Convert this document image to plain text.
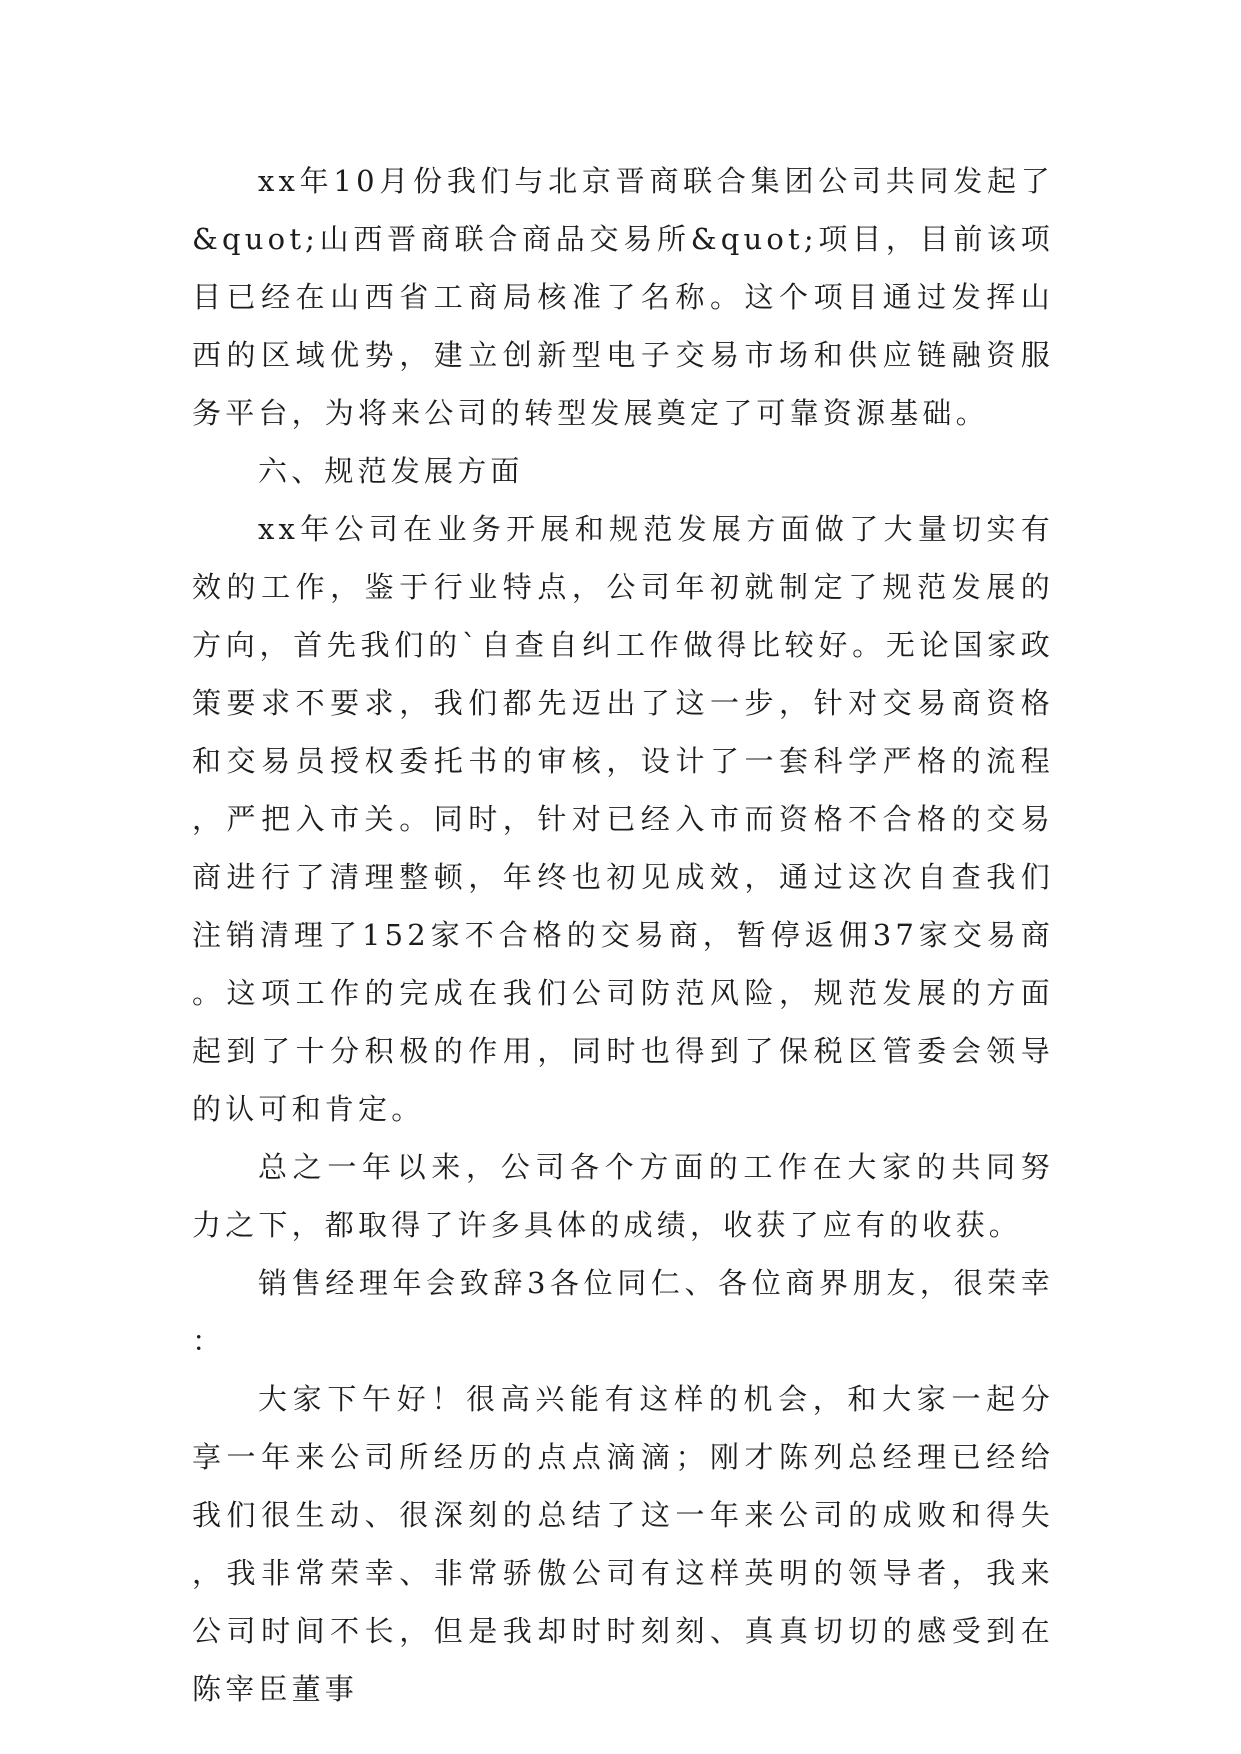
xx年10月份我们与北京晋商联合集团公司共同发起了&quot;山西晋商联合商品交易所&quot;项目，目前该项目已经在山西省工商局核准了名称。这个项目通过发挥山西的区域优势，建立创新型电子交易市场和供应链融资服务平台，为将来公司的转型发展奠定了可靠资源基础。

六、规范发展方面

xx年公司在业务开展和规范发展方面做了大量切实有效的工作，鉴于行业特点，公司年初就制定了规范发展的方向，首先我们的`自查自纠工作做得比较好。无论国家政策要求不要求，我们都先迈出了这一步，针对交易商资格和交易员授权委托书的审核，设计了一套科学严格的流程，严把入市关。同时，针对已经入市而资格不合格的交易商进行了清理整顿，年终也初见成效，通过这次自查我们注销清理了152家不合格的交易商，暂停返佣37家交易商。这项工作的完成在我们公司防范风险，规范发展的方面起到了十分积极的作用，同时也得到了保税区管委会领导的认可和肯定。

总之一年以来，公司各个方面的工作在大家的共同努力之下，都取得了许多具体的成绩，收获了应有的收获。

销售经理年会致辞3各位同仁、各位商界朋友，很荣幸：

大家下午好！很高兴能有这样的机会，和大家一起分享一年来公司所经历的点点滴滴；刚才陈列总经理已经给我们很生动、很深刻的总结了这一年来公司的成败和得失，我非常荣幸、非常骄傲公司有这样英明的领导者，我来公司时间不长，但是我却时时刻刻、真真切切的感受到在陈宰臣董事
